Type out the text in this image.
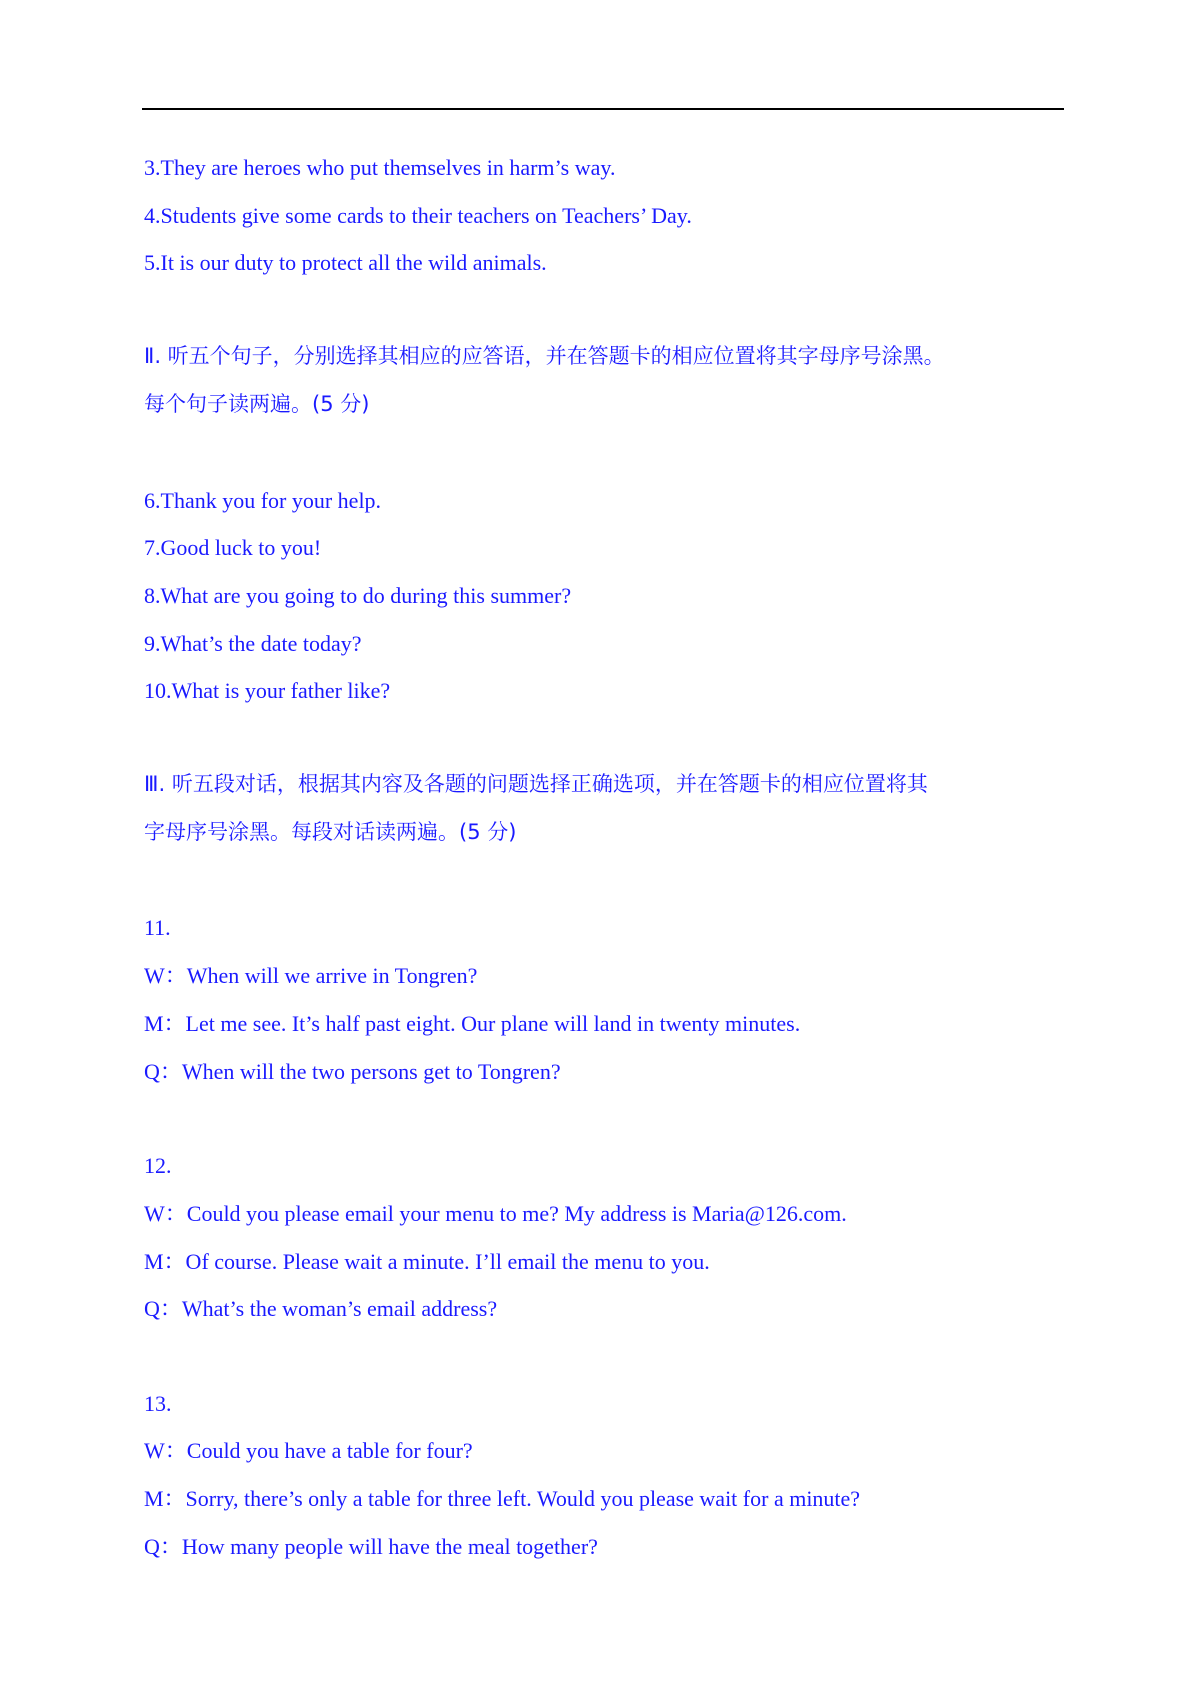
3.They are heroes who put themselves in harm’s way.
4.Students give some cards to their teachers on Teachers’ Day.
5.It is our duty to protect all the wild animals.
Ⅱ. 听五个句子，分别选择其相应的应答语，并在答题卡的相应位置将其字母序号涂黑。
每个句子读两遍。(5 分)
6.Thank you for your help.
7.Good luck to you!
8.What are you going to do during this summer?
9.What’s the date today?
10.What is your father like?
Ⅲ. 听五段对话，根据其内容及各题的问题选择正确选项，并在答题卡的相应位置将其
字母序号涂黑。每段对话读两遍。(5 分)
11.
W：When will we arrive in Tongren?
M：Let me see. It’s half past eight. Our plane will land in twenty minutes.
Q：When will the two persons get to Tongren?
12.
W：Could you please email your menu to me? My address is Maria@126.com.
M：Of course. Please wait a minute. I’ll email the menu to you.
Q：What’s the woman’s email address?
13.
W：Could you have a table for four?
M：Sorry, there’s only a table for three left. Would you please wait for a minute?
Q：How many people will have the meal together?
